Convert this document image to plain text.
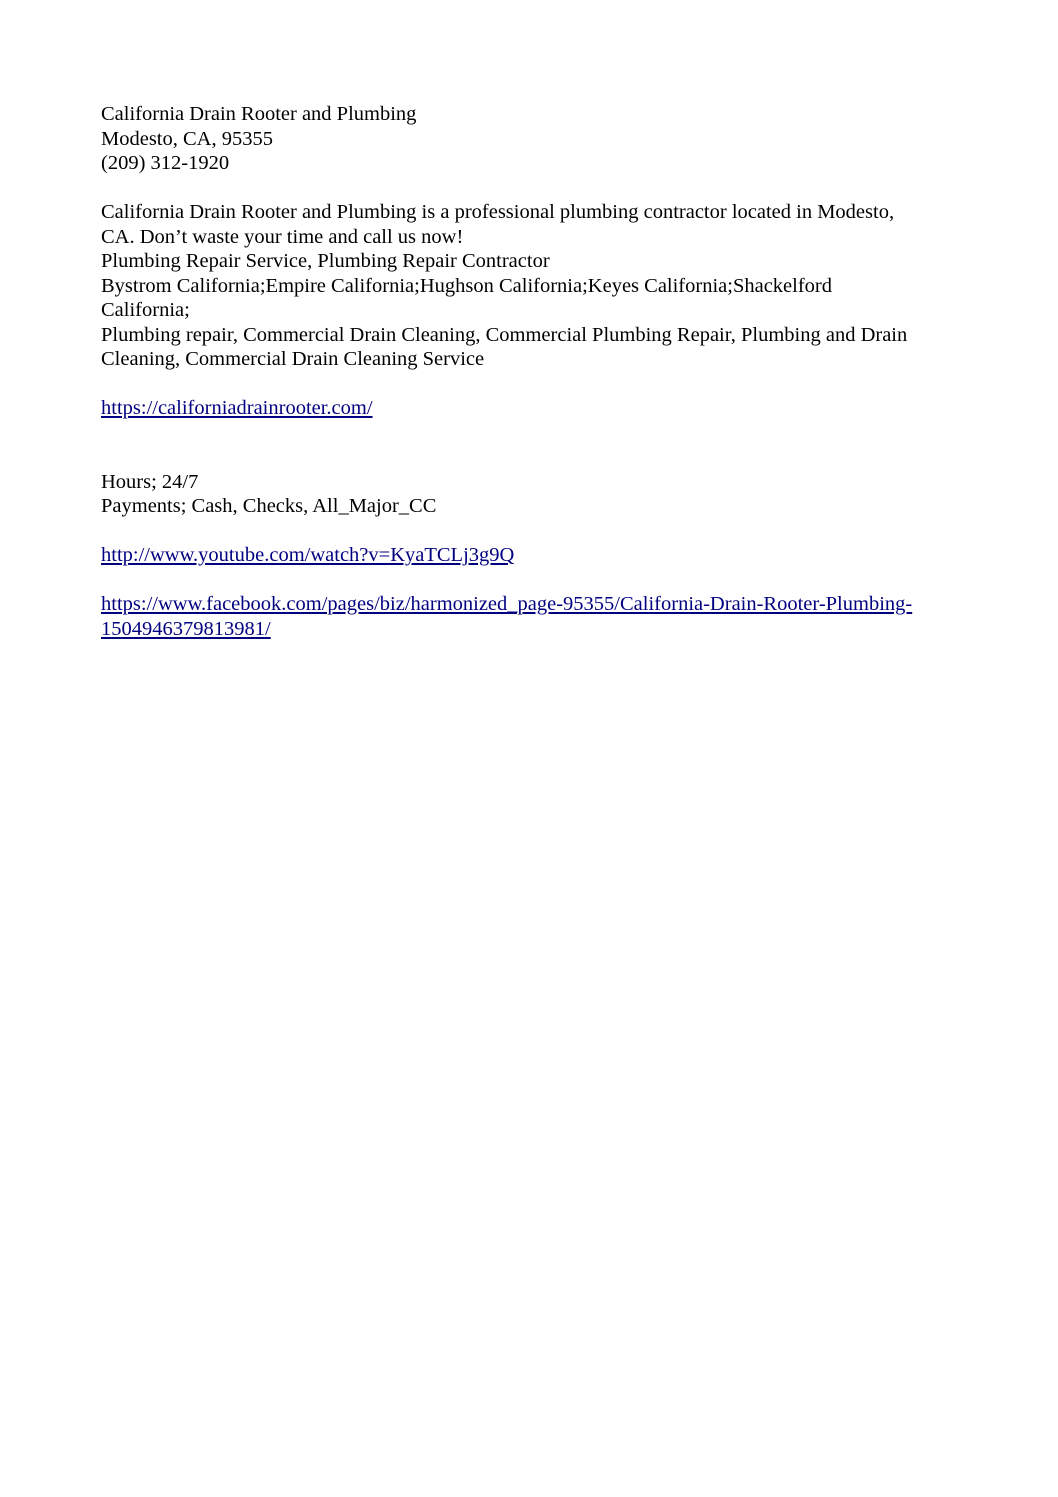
California Drain Rooter and Plumbing
Modesto, CA, 95355
(209) 312-1920
California Drain Rooter and Plumbing is a professional plumbing contractor located in Modesto,
CA. Don’t waste your time and call us now!
Plumbing Repair Service, Plumbing Repair Contractor
Bystrom California;Empire California;Hughson California;Keyes California;Shackelford
California;
Plumbing repair, Commercial Drain Cleaning, Commercial Plumbing Repair, Plumbing and Drain
Cleaning, Commercial Drain Cleaning Service
https://californiadrainrooter.com/
Hours; 24/7
Payments; Cash, Checks, All_Major_CC
http://www.youtube.com/watch?v=KyaTCLj3g9Q
https://www.facebook.com/pages/biz/harmonized_page-95355/California-Drain-Rooter-Plumbing-
1504946379813981/
